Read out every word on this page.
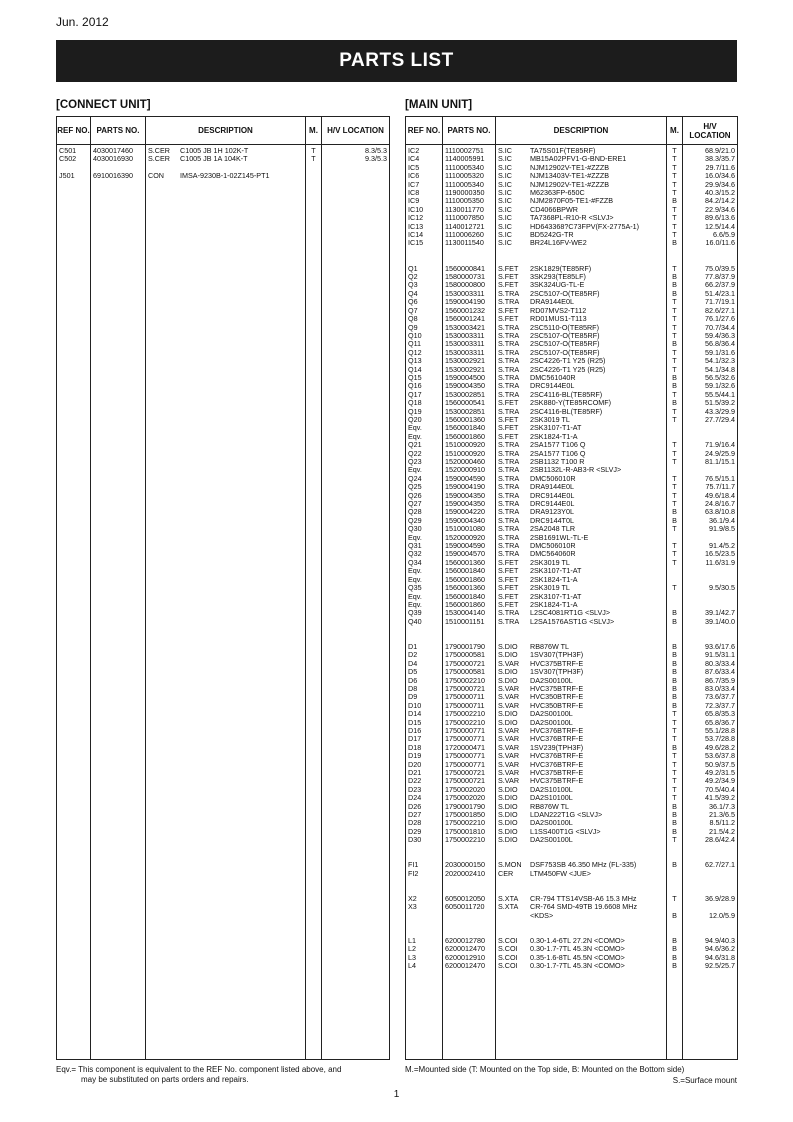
Jun. 2012
PARTS LIST
[CONNECT UNIT]
REF NO.	PARTS NO.	DESCRIPTION	M.	H/V LOCATION
C501	4030017460	S.CER C1005 JB 1H 102K-T	T	8.3/5.3
C502	4030016930	S.CER C1005 JB 1A 104K-T	T	9.3/5.3

J501	6910016390	CON IMSA-9230B-1-02Z145-PT1		

[MAIN UNIT]
REF NO.	PARTS NO.	DESCRIPTION	M.	H/V LOCATION
IC2	1110002751	S.IC TA75S01F(TE85RF)	T	68.9/21.0
IC4	1140005991	S.IC MB15A02PFV1-G-BND-ERE1	T	38.3/35.7
IC5	1110005340	S.IC NJM12902V-TE1-#ZZZB	T	29.7/11.6
IC6	1110005320	S.IC NJM13403V-TE1-#ZZZB	T	16.0/34.6
IC7	1110005340	S.IC NJM12902V-TE1-#ZZZB	T	29.9/34.6
IC8	1190000350	S.IC M62363FP-650C	T	40.3/15.2
IC9	1110005350	S.IC NJM2870F05-TE1-#FZZB	B	84.2/14.2
IC10	1130011770	S.IC CD4066BPWR	T	22.9/34.6
IC12	1110007850	S.IC TA7368PL-R10-R <SLVJ>	T	89.6/13.6
IC13	1140012721	S.IC HD643368?C73FPV(FX-2775A-1)	T	12.5/14.4
IC14	1110006260	S.IC BD5242G-TR	T	6.6/5.9
IC15	1130011540	S.IC BR24L16FV-WE2	B	16.0/11.6

Q1	1560000841	S.FET 2SK1829(TE85RF)	T	75.0/39.5
Q2	1580000731	S.FET 3SK293(TE85LF)	B	77.8/37.9
Q3	1580000800	S.FET 3SK324UG-TL-E	B	66.2/37.9
Q4	1530003311	S.TRA 2SC5107-O(TE85RF)	B	51.4/23.1
Q6	1590004190	S.TRA DRA9144E0L	T	71.7/19.1
Q7	1560001232	S.FET RD07MVS2-T112	T	82.6/27.1
Q8	1560001241	S.FET RD01MUS1-T113	T	76.1/27.6
Q9	1530003421	S.TRA 2SC5110-O(TE85RF)	T	70.7/34.4
Q10	1530003311	S.TRA 2SC5107-O(TE85RF)	T	59.4/36.3
Q11	1530003311	S.TRA 2SC5107-O(TE85RF)	B	56.8/36.4
Q12	1530003311	S.TRA 2SC5107-O(TE85RF)	T	59.1/31.6
Q13	1530002921	S.TRA 2SC4226-T1 Y25 (R25)	T	54.1/32.3
Q14	1530002921	S.TRA 2SC4226-T1 Y25 (R25)	T	54.1/34.8
Q15	1590004500	S.TRA DMC561040R	B	56.5/32.6
Q16	1590004350	S.TRA DRC9144E0L	B	59.1/32.6
Q17	1530002851	S.TRA 2SC4116-BL(TE85RF)	T	55.5/44.1
Q18	1560000541	S.FET 2SK880-Y(TE85RCOMF)	B	51.5/39.2
Q19	1530002851	S.TRA 2SC4116-BL(TE85RF)	T	43.3/29.9
Q20	1560001360	S.FET 2SK3019 TL	T	27.7/29.4
Eqv.	1560001840	S.FET 2SK3107-T1-AT		
Eqv.	1560001860	S.FET 2SK1824-T1-A		
Q21	1510000920	S.TRA 2SA1577 T106 Q	T	71.9/16.4
Q22	1510000920	S.TRA 2SA1577 T106 Q	T	24.9/25.9
Q23	1520000460	S.TRA 2SB1132 T100 R	T	81.1/15.1
Eqv.	1520000910	S.TRA 2SB1132L-R-AB3-R <SLVJ>		
Q24	1590004590	S.TRA DMC506010R	T	76.5/15.1
Q25	1590004190	S.TRA DRA9144E0L	T	75.7/11.7
Q26	1590004350	S.TRA DRC9144E0L	T	49.6/18.4
Q27	1590004350	S.TRA DRC9144E0L	T	24.8/16.7
Q28	1590004220	S.TRA DRA9123Y0L	B	63.8/10.8
Q29	1590004340	S.TRA DRC9144T0L	B	36.1/9.4
Q30	1510001080	S.TRA 2SA2048 TLR	T	91.9/8.5
Eqv.	1520000920	S.TRA 2SB1691WL-TL-E		
Q31	1590004590	S.TRA DMC506010R	T	91.4/5.2
Q32	1590004570	S.TRA DMC564060R	T	16.5/23.5
Q34	1560001360	S.FET 2SK3019 TL	T	11.6/31.9
Eqv.	1560001840	S.FET 2SK3107-T1-AT		
Eqv.	1560001860	S.FET 2SK1824-T1-A		
Q35	1560001360	S.FET 2SK3019 TL	T	9.5/30.5
Eqv.	1560001840	S.FET 2SK3107-T1-AT		
Eqv.	1560001860	S.FET 2SK1824-T1-A		
Q39	1530004140	S.TRA L2SC4081RT1G <SLVJ>	B	39.1/42.7
Q40	1510001151	S.TRA L2SA1576AST1G <SLVJ>	B	39.1/40.0

D1	1790001790	S.DIO RB876W TL	B	93.6/17.6
D2	1750000581	S.DIO 1SV307(TPH3F)	B	91.5/31.1
D4	1750000721	S.VAR HVC375BTRF-E	B	80.3/33.4
D5	1750000581	S.DIO 1SV307(TPH3F)	B	87.6/33.4
D6	1750002210	S.DIO DA2S00100L	B	86.7/35.9
D8	1750000721	S.VAR HVC375BTRF-E	B	83.0/33.4
D9	1750000711	S.VAR HVC350BTRF-E	B	73.6/37.7
D10	1750000711	S.VAR HVC350BTRF-E	B	72.3/37.7
D14	1750002210	S.DIO DA2S00100L	T	65.8/35.3
D15	1750002210	S.DIO DA2S00100L	T	65.8/36.7
D16	1750000771	S.VAR HVC376BTRF-E	T	55.1/28.8
D17	1750000771	S.VAR HVC376BTRF-E	T	53.7/28.8
D18	1720000471	S.VAR 1SV239(TPH3F)	B	49.6/28.2
D19	1750000771	S.VAR HVC376BTRF-E	T	53.6/37.8
D20	1750000771	S.VAR HVC376BTRF-E	T	50.9/37.5
D21	1750000721	S.VAR HVC375BTRF-E	T	49.2/31.5
D22	1750000721	S.VAR HVC375BTRF-E	T	49.2/34.9
D23	1750002020	S.DIO DA2S10100L	T	70.5/40.4
D24	1750002020	S.DIO DA2S10100L	T	41.5/39.2
D26	1790001790	S.DIO RB876W TL	B	36.1/7.3
D27	1750001850	S.DIO LDAN222T1G <SLVJ>	B	21.3/6.5
D28	1750002210	S.DIO DA2S00100L	B	8.5/11.2
D29	1750001810	S.DIO L1SS400T1G <SLVJ>	B	21.5/4.2
D30	1750002210	S.DIO DA2S00100L	T	28.6/42.4

FI1	2030000150	S.MON DSF753SB 46.350 MHz (FL-335)	B	62.7/27.1
FI2	2020002410	CER LTM450FW <JUE>		

X2	6050012050	S.XTA CR-794 TTS14VSB-A6 15.3 MHz	T	36.9/28.9
X3	6050011720	S.XTA CR-764 SMD-49TB 19.6608 MHz <KDS>	B	12.0/5.9

L1	6200012780	S.COI 0.30-1.4-6TL 27.2N <COMO>	B	94.9/40.3
L2	6200012470	S.COI 0.30-1.7-7TL 45.3N <COMO>	B	94.6/36.2
L3	6200012910	S.COI 0.35-1.6-8TL 45.5N <COMO>	B	94.6/31.8
L4	6200012470	S.COI 0.30-1.7-7TL 45.3N <COMO>	B	92.5/25.7

Eqv.= This component is equivalent to the REF No. component listed above, and
may be substituted on parts orders and repairs.
M.=Mounted side (T: Mounted on the Top side, B: Mounted on the Bottom side)
S.=Surface mount
1
